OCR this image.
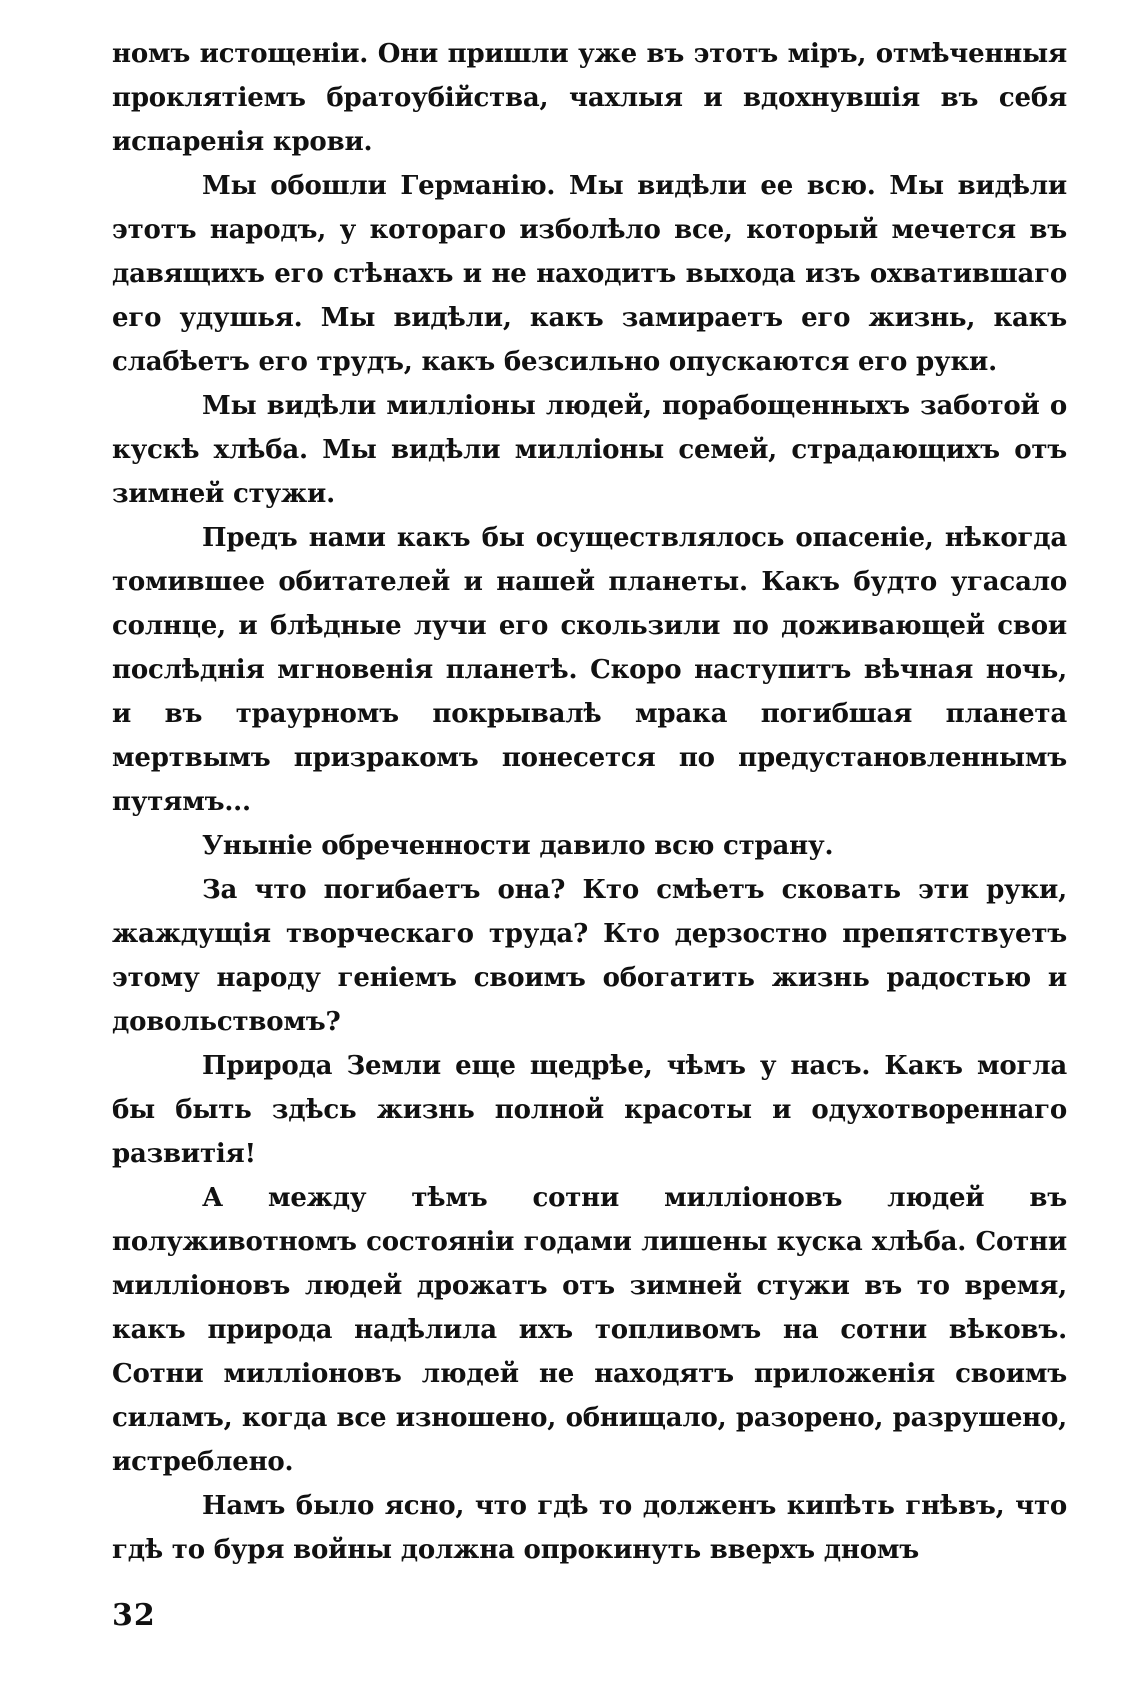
номъ истощеніи. Они пришли уже въ этотъ міръ, отмѣченныя проклятіемъ братоубійства, чахлыя и вдохнувшія въ себя испаренія крови.

Мы обошли Германію. Мы видѣли ее всю. Мы видѣли этотъ народъ, у котораго изболѣло все, который мечется въ давящихъ его стѣнахъ и не находитъ выхода изъ охватившаго его удушья. Мы видѣли, какъ замираетъ его жизнь, какъ слабѣетъ его трудъ, какъ безсильно опускаются его руки.

Мы видѣли милліоны людей, порабощенныхъ заботой о кускѣ хлѣба. Мы видѣли милліоны семей, страдающихъ отъ зимней стужи.

Предъ нами какъ бы осуществлялось опасеніе, нѣкогда томившее обитателей и нашей планеты. Какъ будто угасало солнце, и блѣдные лучи его скользили по доживающей свои послѣднія мгновенія планетѣ. Скоро наступитъ вѣчная ночь, и въ траурномъ покрывалѣ мрака погибшая планета мертвымъ призракомъ понесется по предустановленнымъ путямъ...

Уныніе обреченности давило всю страну.

За что погибаетъ она? Кто смѣетъ сковать эти руки, жаждущія творческаго труда? Кто дерзостно препятствуетъ этому народу геніемъ своимъ обогатить жизнь радостью и довольствомъ?

Природа Земли еще щедрѣе, чѣмъ у насъ. Какъ могла бы быть здѣсь жизнь полной красоты и одухотвореннаго развитія!

А между тѣмъ сотни милліоновъ людей въ полуживотномъ состояніи годами лишены куска хлѣба. Сотни милліоновъ людей дрожатъ отъ зимней стужи въ то время, какъ природа надѣлила ихъ топливомъ на сотни вѣковъ. Сотни милліоновъ людей не находятъ приложенія своимъ силамъ, когда все изношено, обнищало, разорено, разрушено, истреблено.

Намъ было ясно, что гдѣ то долженъ кипѣть гнѣвъ, что гдѣ то буря войны должна опрокинуть вверхъ дномъ

32
